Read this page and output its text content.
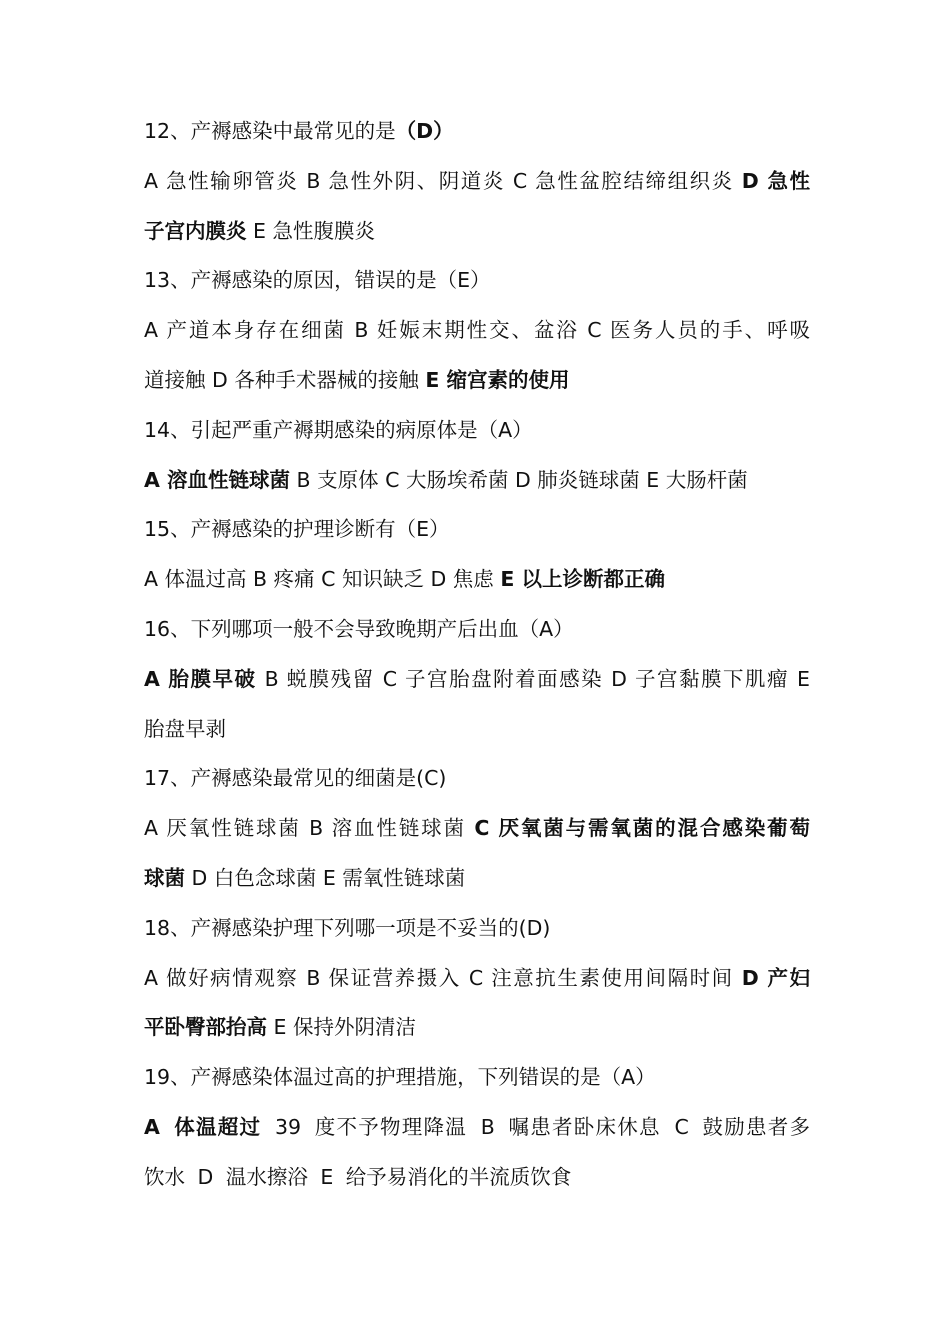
12、产褥感染中最常见的是（D）
A 急性输卵管炎 B 急性外阴、阴道炎 C 急性盆腔结缔组织炎 D 急性
子宫内膜炎 E 急性腹膜炎
13、产褥感染的原因，错误的是（E）
A 产道本身存在细菌 B 妊娠末期性交、盆浴 C 医务人员的手、呼吸
道接触 D 各种手术器械的接触 E 缩宫素的使用
14、引起严重产褥期感染的病原体是（A）
A 溶血性链球菌 B 支原体 C 大肠埃希菌 D 肺炎链球菌 E 大肠杆菌
15、产褥感染的护理诊断有（E）
A 体温过高 B 疼痛 C 知识缺乏 D 焦虑 E 以上诊断都正确
16、下列哪项一般不会导致晚期产后出血（A）
A 胎膜早破 B 蜕膜残留 C 子宫胎盘附着面感染 D 子宫黏膜下肌瘤 E
胎盘早剥
17、产褥感染最常见的细菌是(C)
A 厌氧性链球菌 B 溶血性链球菌 C 厌氧菌与需氧菌的混合感染葡萄
球菌 D 白色念球菌 E 需氧性链球菌
18、产褥感染护理下列哪一项是不妥当的(D)
A 做好病情观察 B 保证营养摄入 C 注意抗生素使用间隔时间 D 产妇
平卧臀部抬高 E 保持外阴清洁
19、产褥感染体温过高的护理措施，下列错误的是（A）
A 体温超过 39 度不予物理降温 B 嘱患者卧床休息 C 鼓励患者多
饮水 D 温水擦浴 E 给予易消化的半流质饮食
